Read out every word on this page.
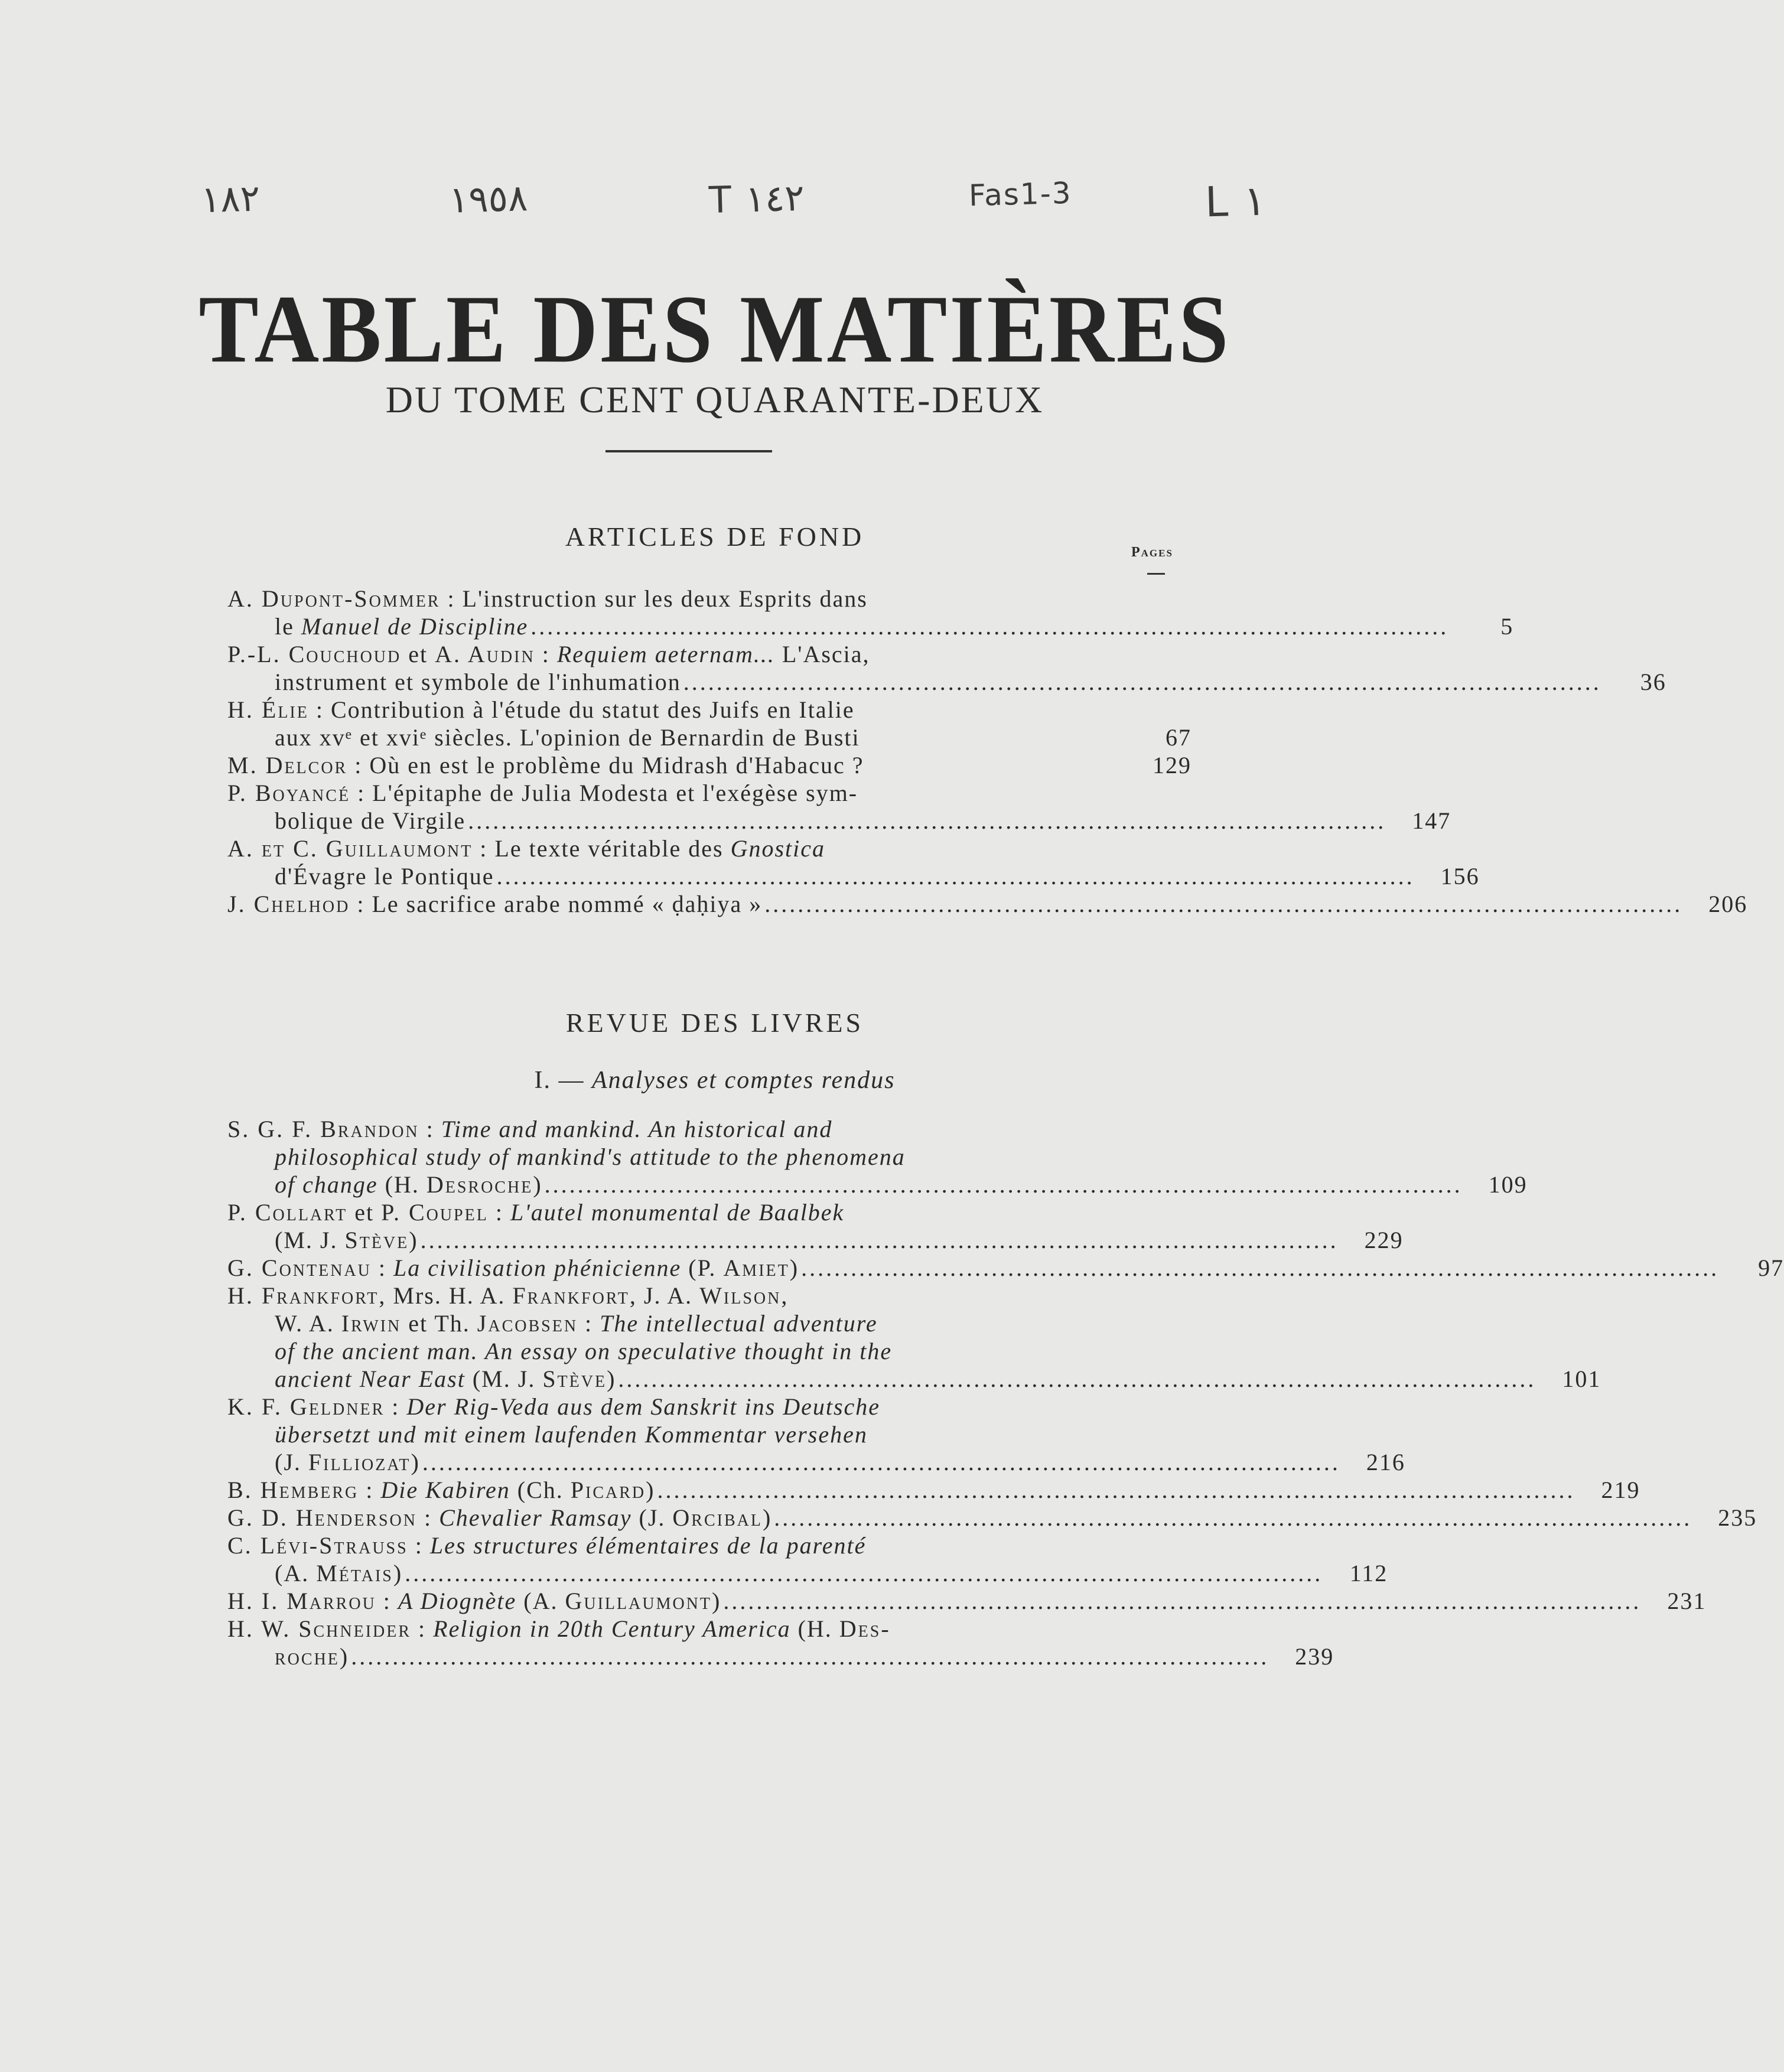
١٨٢	١٩٥٨	T ١٤٢	Fas1-3	L ١
TABLE DES MATIÈRES
DU TOME CENT QUARANTE-DEUX
ARTICLES DE FOND
Pages
A. Dupont-Sommer : L'instruction sur les deux Esprits dans
le Manuel de Discipline ...............................................................................................................	5
P.-L. Couchoud et A. Audin : Requiem aeternam... L'Ascia,
instrument et symbole de l'inhumation ...............................................................................................................	36
H. Élie : Contribution à l'étude du statut des Juifs en Italie
aux xvᵉ et xviᵉ siècles. L'opinion de Bernardin de Busti	67
M. Delcor : Où en est le problème du Midrash d'Habacuc ?	129
P. Boyancé : L'épitaphe de Julia Modesta et l'exégèse sym-
bolique de Virgile ...............................................................................................................	147
A. et C. Guillaumont : Le texte véritable des Gnostica
d'Évagre le Pontique ...............................................................................................................	156
J. Chelhod : Le sacrifice arabe nommé « ḍaḥiya » ...............................................................................................................	206
REVUE DES LIVRES
I. — Analyses et comptes rendus
S. G. F. Brandon : Time and mankind. An historical and
philosophical study of mankind's attitude to the phenomena
of change (H. Desroche) ...............................................................................................................	109
P. Collart et P. Coupel : L'autel monumental de Baalbek
(M. J. Stève) ...............................................................................................................	229
G. Contenau : La civilisation phénicienne (P. Amiet) ...............................................................................................................	97
H. Frankfort, Mrs. H. A. Frankfort, J. A. Wilson,
W. A. Irwin et Th. Jacobsen : The intellectual adventure
of the ancient man. An essay on speculative thought in the
ancient Near East (M. J. Stève) ...............................................................................................................	101
K. F. Geldner : Der Rig-Veda aus dem Sanskrit ins Deutsche
übersetzt und mit einem laufenden Kommentar versehen
(J. Filliozat) ...............................................................................................................	216
B. Hemberg : Die Kabiren (Ch. Picard) ...............................................................................................................	219
G. D. Henderson : Chevalier Ramsay (J. Orcibal) ...............................................................................................................	235
C. Lévi-Strauss : Les structures élémentaires de la parenté
(A. Métais) ...............................................................................................................	112
H. I. Marrou : A Diognète (A. Guillaumont) ...............................................................................................................	231
H. W. Schneider : Religion in 20th Century America (H. Des-
roche) ...............................................................................................................	239
